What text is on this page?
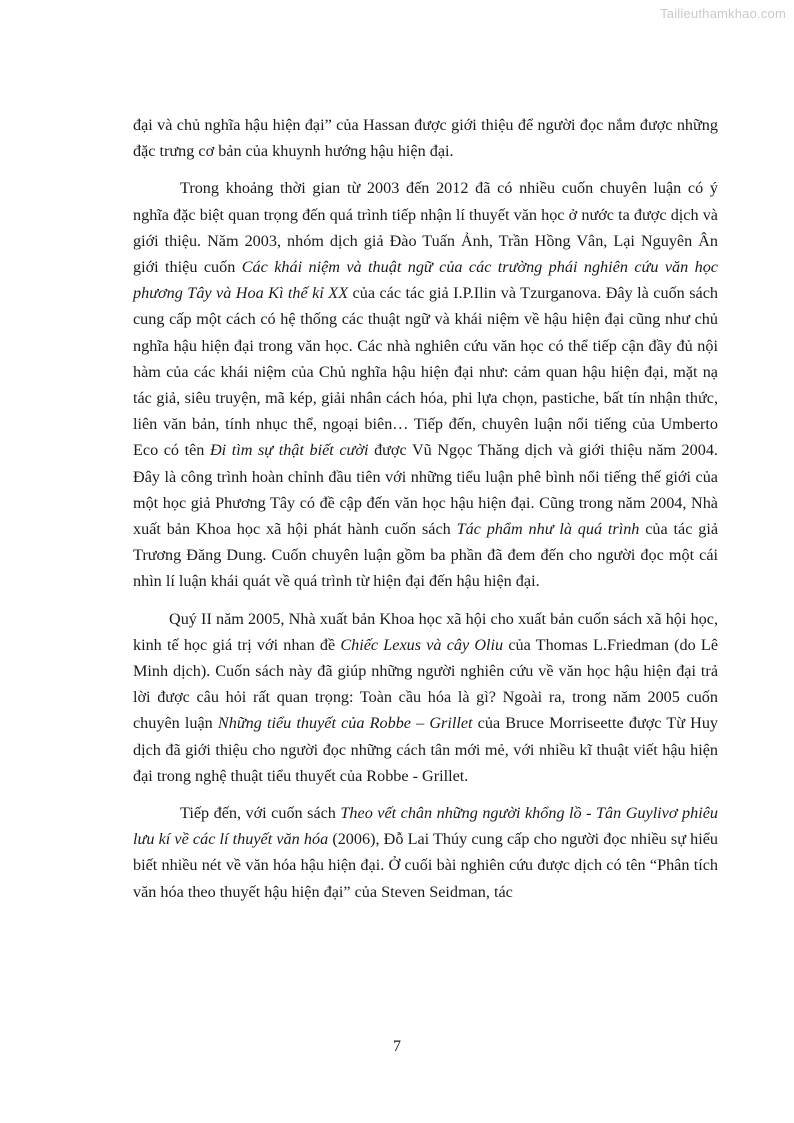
Tailieuthamkhao.com

đại và chủ nghĩa hậu hiện đại” của Hassan được giới thiệu để người đọc nắm được những đặc trưng cơ bản của khuynh hướng hậu hiện đại.

Trong khoảng thời gian từ 2003 đến 2012 đã có nhiều cuốn chuyên luận có ý nghĩa đặc biệt quan trọng đến quá trình tiếp nhận lí thuyết văn học ở nước ta được dịch và giới thiệu. Năm 2003, nhóm dịch giả Đào Tuấn Ảnh, Trần Hồng Vân, Lại Nguyên Ân giới thiệu cuốn Các khái niệm và thuật ngữ của các trường phái nghiên cứu văn học phương Tây và Hoa Kì thế kỉ XX của các tác giả I.P.Ilin và Tzurganova. Đây là cuốn sách cung cấp một cách có hệ thống các thuật ngữ và khái niệm về hậu hiện đại cũng như chủ nghĩa hậu hiện đại trong văn học. Các nhà nghiên cứu văn học có thể tiếp cận đầy đủ nội hàm của các khái niệm của Chủ nghĩa hậu hiện đại như: cảm quan hậu hiện đại, mặt nạ tác giả, siêu truyện, mã kép, giải nhân cách hóa, phi lựa chọn, pastiche, bất tín nhận thức, liên văn bản, tính nhục thể, ngoại biên… Tiếp đến, chuyên luận nổi tiếng của Umberto Eco có tên Đi tìm sự thật biết cười được Vũ Ngọc Thăng dịch và giới thiệu năm 2004. Đây là công trình hoàn chỉnh đầu tiên với những tiểu luận phê bình nổi tiếng thế giới của một học giả Phương Tây có đề cập đến văn học hậu hiện đại. Cũng trong năm 2004, Nhà xuất bản Khoa học xã hội phát hành cuốn sách Tác phẩm như là quá trình của tác giả Trương Đăng Dung. Cuốn chuyên luận gồm ba phần đã đem đến cho người đọc một cái nhìn lí luận khái quát về quá trình từ hiện đại đến hậu hiện đại.

Quý II năm 2005, Nhà xuất bản Khoa học xã hội cho xuất bản cuốn sách xã hội học, kinh tế học giá trị với nhan đề Chiếc Lexus và cây Oliu của Thomas L.Friedman (do Lê Minh dịch). Cuốn sách này đã giúp những người nghiên cứu về văn học hậu hiện đại trả lời được câu hỏi rất quan trọng: Toàn cầu hóa là gì? Ngoài ra, trong năm 2005 cuốn chuyên luận Những tiểu thuyết của Robbe – Grillet của Bruce Morriseette được Từ Huy dịch đã giới thiệu cho người đọc những cách tân mới mẻ, với nhiều kĩ thuật viết hậu hiện đại trong nghệ thuật tiểu thuyết của Robbe - Grillet.

Tiếp đến, với cuốn sách Theo vết chân những người khổng lồ - Tân Guylivơ phiêu lưu kí về các lí thuyết văn hóa (2006), Đỗ Lai Thúy cung cấp cho người đọc nhiều sự hiểu biết nhiều nét về văn hóa hậu hiện đại. Ở cuối bài nghiên cứu được dịch có tên “Phân tích văn hóa theo thuyết hậu hiện đại” của Steven Seidman, tác

7
